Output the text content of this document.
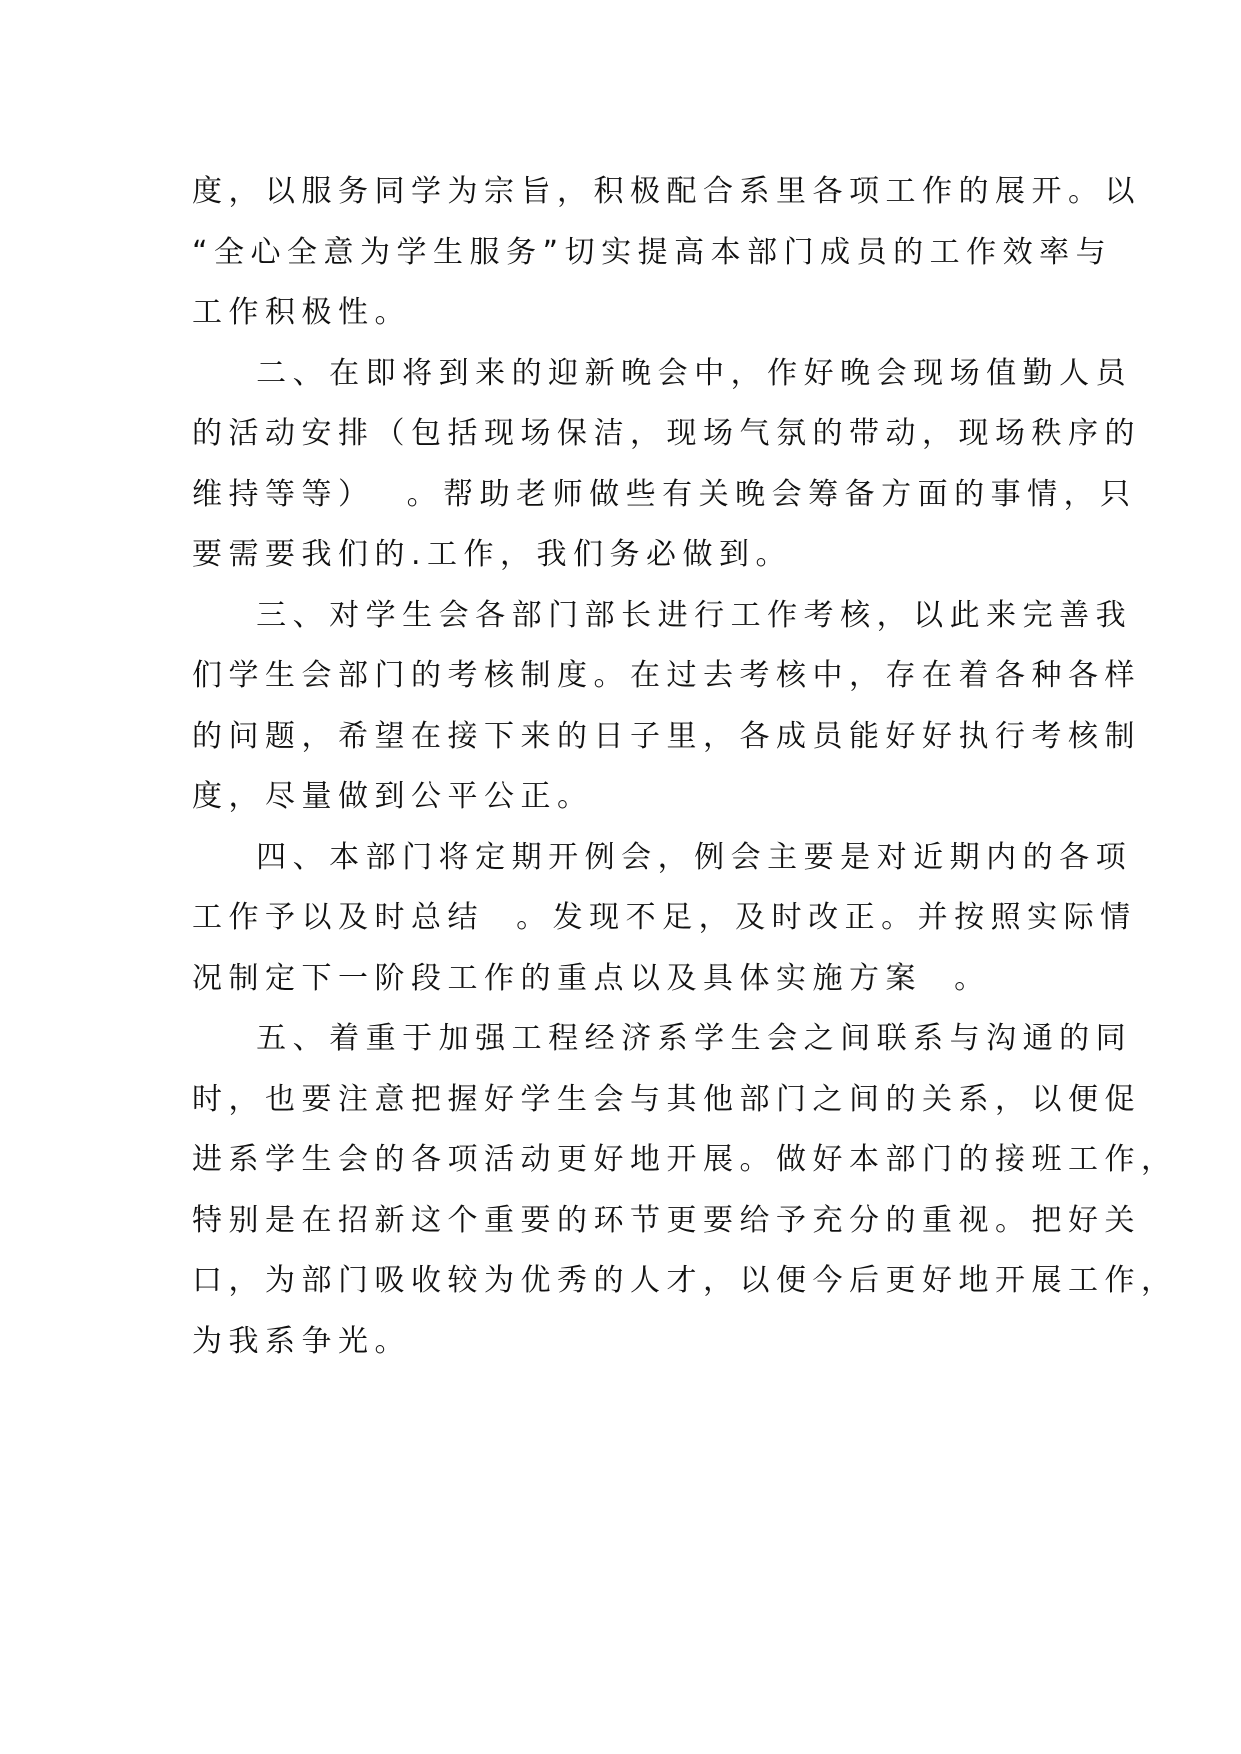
度，以服务同学为宗旨，积极配合系里各项工作的展开。以
“全心全意为学生服务”切实提高本部门成员的工作效率与
工作积极性。
二、在即将到来的迎新晚会中，作好晚会现场值勤人员
的活动安排（包括现场保洁，现场气氛的带动，现场秩序的
维持等等）  。帮助老师做些有关晚会筹备方面的事情，只
要需要我们的.工作，我们务必做到。
三、对学生会各部门部长进行工作考核，以此来完善我
们学生会部门的考核制度。在过去考核中，存在着各种各样
的问题，希望在接下来的日子里，各成员能好好执行考核制
度，尽量做到公平公正。
四、本部门将定期开例会，例会主要是对近期内的各项
工作予以及时总结  。发现不足，及时改正。并按照实际情
况制定下一阶段工作的重点以及具体实施方案  。
五、着重于加强工程经济系学生会之间联系与沟通的同
时，也要注意把握好学生会与其他部门之间的关系，以便促
进系学生会的各项活动更好地开展。做好本部门的接班工作，
特别是在招新这个重要的环节更要给予充分的重视。把好关
口，为部门吸收较为优秀的人才，以便今后更好地开展工作，
为我系争光。
